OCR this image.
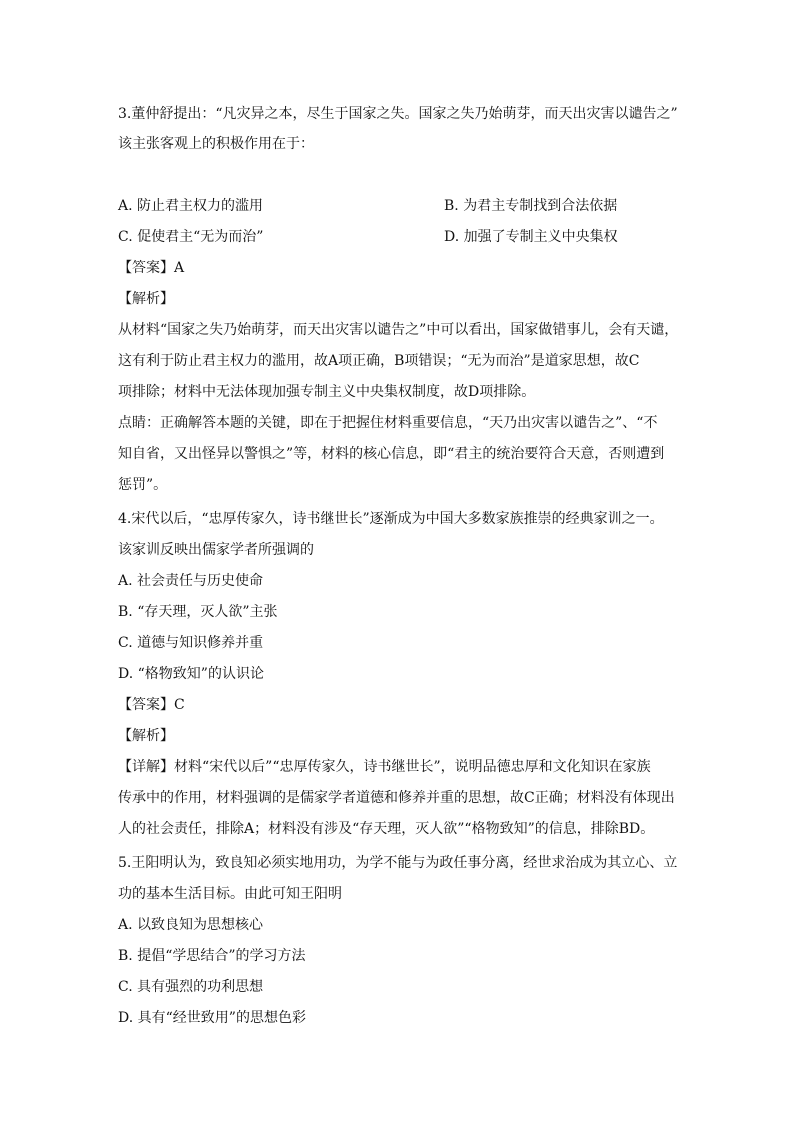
3.董仲舒提出：“凡灾异之本，尽生于国家之失。国家之失乃始萌芽，而天出灾害以谴告之”
该主张客观上的积极作用在于：
A. 防止君主权力的滥用	B. 为君主专制找到合法依据
C. 促使君主“无为而治”	D. 加强了专制主义中央集权
【答案】A
【解析】
从材料“国家之失乃始萌芽，而天出灾害以谴告之”中可以看出，国家做错事儿，会有天谴，
这有利于防止君主权力的滥用，故A项正确，B项错误；“无为而治”是道家思想，故C
项排除；材料中无法体现加强专制主义中央集权制度，故D项排除。
点睛：正确解答本题的关键，即在于把握住材料重要信息，“天乃出灾害以谴告之”、“不
知自省，又出怪异以警惧之”等，材料的核心信息，即“君主的统治要符合天意，否则遭到
惩罚”。
4.宋代以后，“忠厚传家久，诗书继世长”逐渐成为中国大多数家族推崇的经典家训之一。
该家训反映出儒家学者所强调的
A. 社会责任与历史使命
B. “存天理，灭人欲”主张
C. 道德与知识修养并重
D. “格物致知”的认识论
【答案】C
【解析】
【详解】材料“宋代以后”“忠厚传家久，诗书继世长”，说明品德忠厚和文化知识在家族
传承中的作用，材料强调的是儒家学者道德和修养并重的思想，故C正确；材料没有体现出
人的社会责任，排除A；材料没有涉及“存天理，灭人欲”“格物致知”的信息，排除BD。
5.王阳明认为，致良知必须实地用功，为学不能与为政任事分离，经世求治成为其立心、立
功的基本生活目标。由此可知王阳明
A. 以致良知为思想核心
B. 提倡“学思结合”的学习方法
C. 具有强烈的功利思想
D. 具有“经世致用”的思想色彩
